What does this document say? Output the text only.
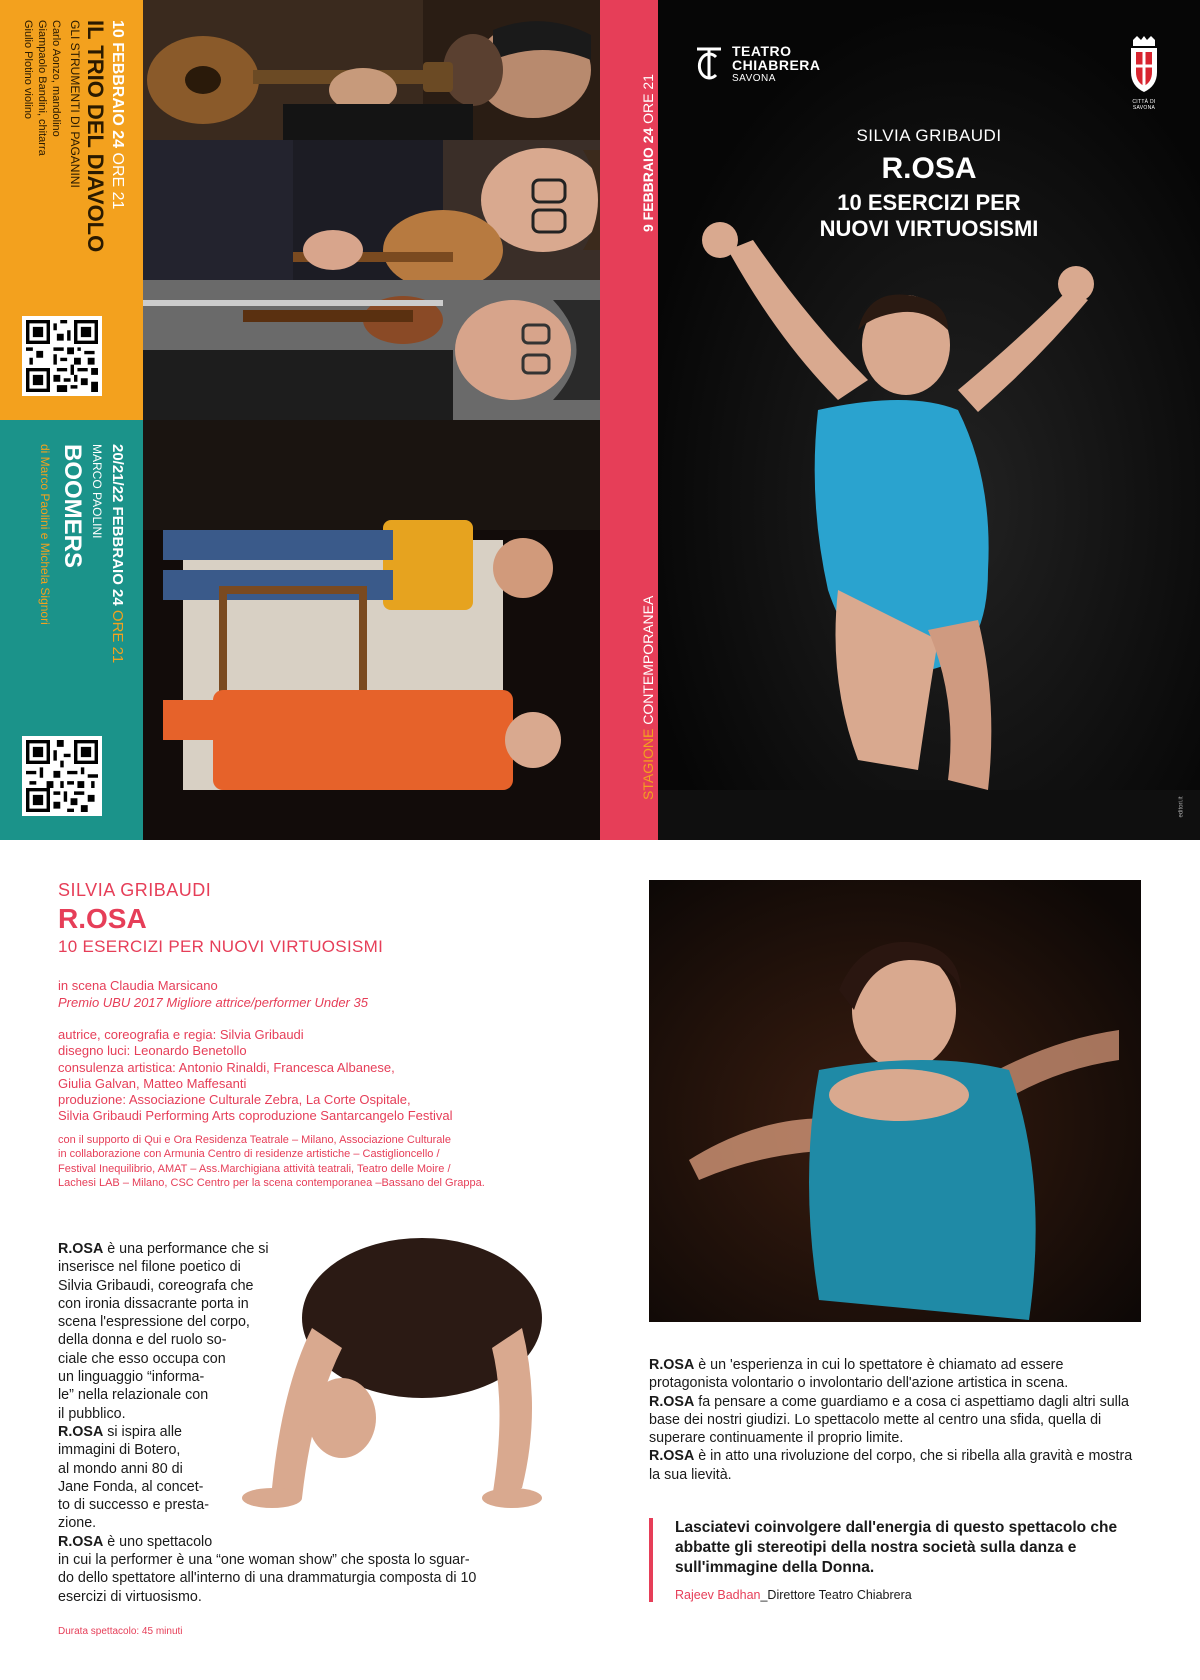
10 FEBBRAIO 24 ORE 21
IL TRIO DEL DIAVOLO
GLI STRUMENTI DI PAGANINI
Carlo Aonzo, mandolino
Giampaolo Bandini, chitarra
Giulio Plotino violino
20/21/22 FEBBRAIO 24 ORE 21
MARCO PAOLINI
BOOMERS
di Marco Paolini e Michela Signori
9 FEBBRAIO 24 ORE 21
STAGIONE CONTEMPORANEA
TEATRO
CHIABRERA
SAVONA
CITTÀ DI SAVONA
SILVIA GRIBAUDI
R.OSA
10 ESERCIZI PER
NUOVI VIRTUOSISMI
editori.it
SILVIA GRIBAUDI
R.OSA
10 ESERCIZI PER NUOVI VIRTUOSISMI
in scena Claudia Marsicano
Premio UBU 2017 Migliore attrice/performer Under 35
autrice, coreografia e regia: Silvia Gribaudi
disegno luci: Leonardo Benetollo
consulenza artistica: Antonio Rinaldi, Francesca Albanese,
Giulia Galvan, Matteo Maffesanti
produzione: Associazione Culturale Zebra, La Corte Ospitale,
Silvia Gribaudi Performing Arts coproduzione Santarcangelo Festival
con il supporto di Qui e Ora Residenza Teatrale – Milano, Associazione Culturale
in collaborazione con Armunia Centro di residenze artistiche – Castiglioncello /
Festival Inequilibrio, AMAT – Ass.Marchigiana attività teatrali, Teatro delle Moire /
Lachesi LAB – Milano, CSC Centro per la scena contemporanea –Bassano del Grappa.

R.OSA è una performance che si
inserisce nel filone poetico di
Silvia Gribaudi, coreografa che
con ironia dissacrante porta in
scena l'espressione del corpo,
della donna e del ruolo so-
ciale che esso occupa con
un linguaggio “informa-
le” nella relazionale con
il pubblico.

R.OSA si ispira alle
immagini di Botero,
al mondo anni 80 di
Jane Fonda, al concet-
to di successo e presta-
zione.

R.OSA è uno spettacolo
in cui la performer è una “one woman show” che sposta lo sguar-
do dello spettatore all'interno di una drammaturgia composta di 10
esercizi di virtuosismo.

Durata spettacolo: 45 minuti

R.OSA è un 'esperienza in cui lo spettatore è chiamato ad essere protagonista volontario o involontario dell'azione artistica in scena.

R.OSA fa pensare a come guardiamo e a cosa ci aspettiamo dagli altri sulla base dei nostri giudizi. Lo spettacolo mette al centro una sfida, quella di superare continuamente il proprio limite.

R.OSA è in atto una rivoluzione del corpo, che si ribella alla gravità e mostra la sua lievità.

Lasciatevi coinvolgere dall'energia di questo spettacolo che abbatte gli stereotipi della nostra società sulla danza e sull'immagine della Donna.
Rajeev Badhan_Direttore Teatro Chiabrera
